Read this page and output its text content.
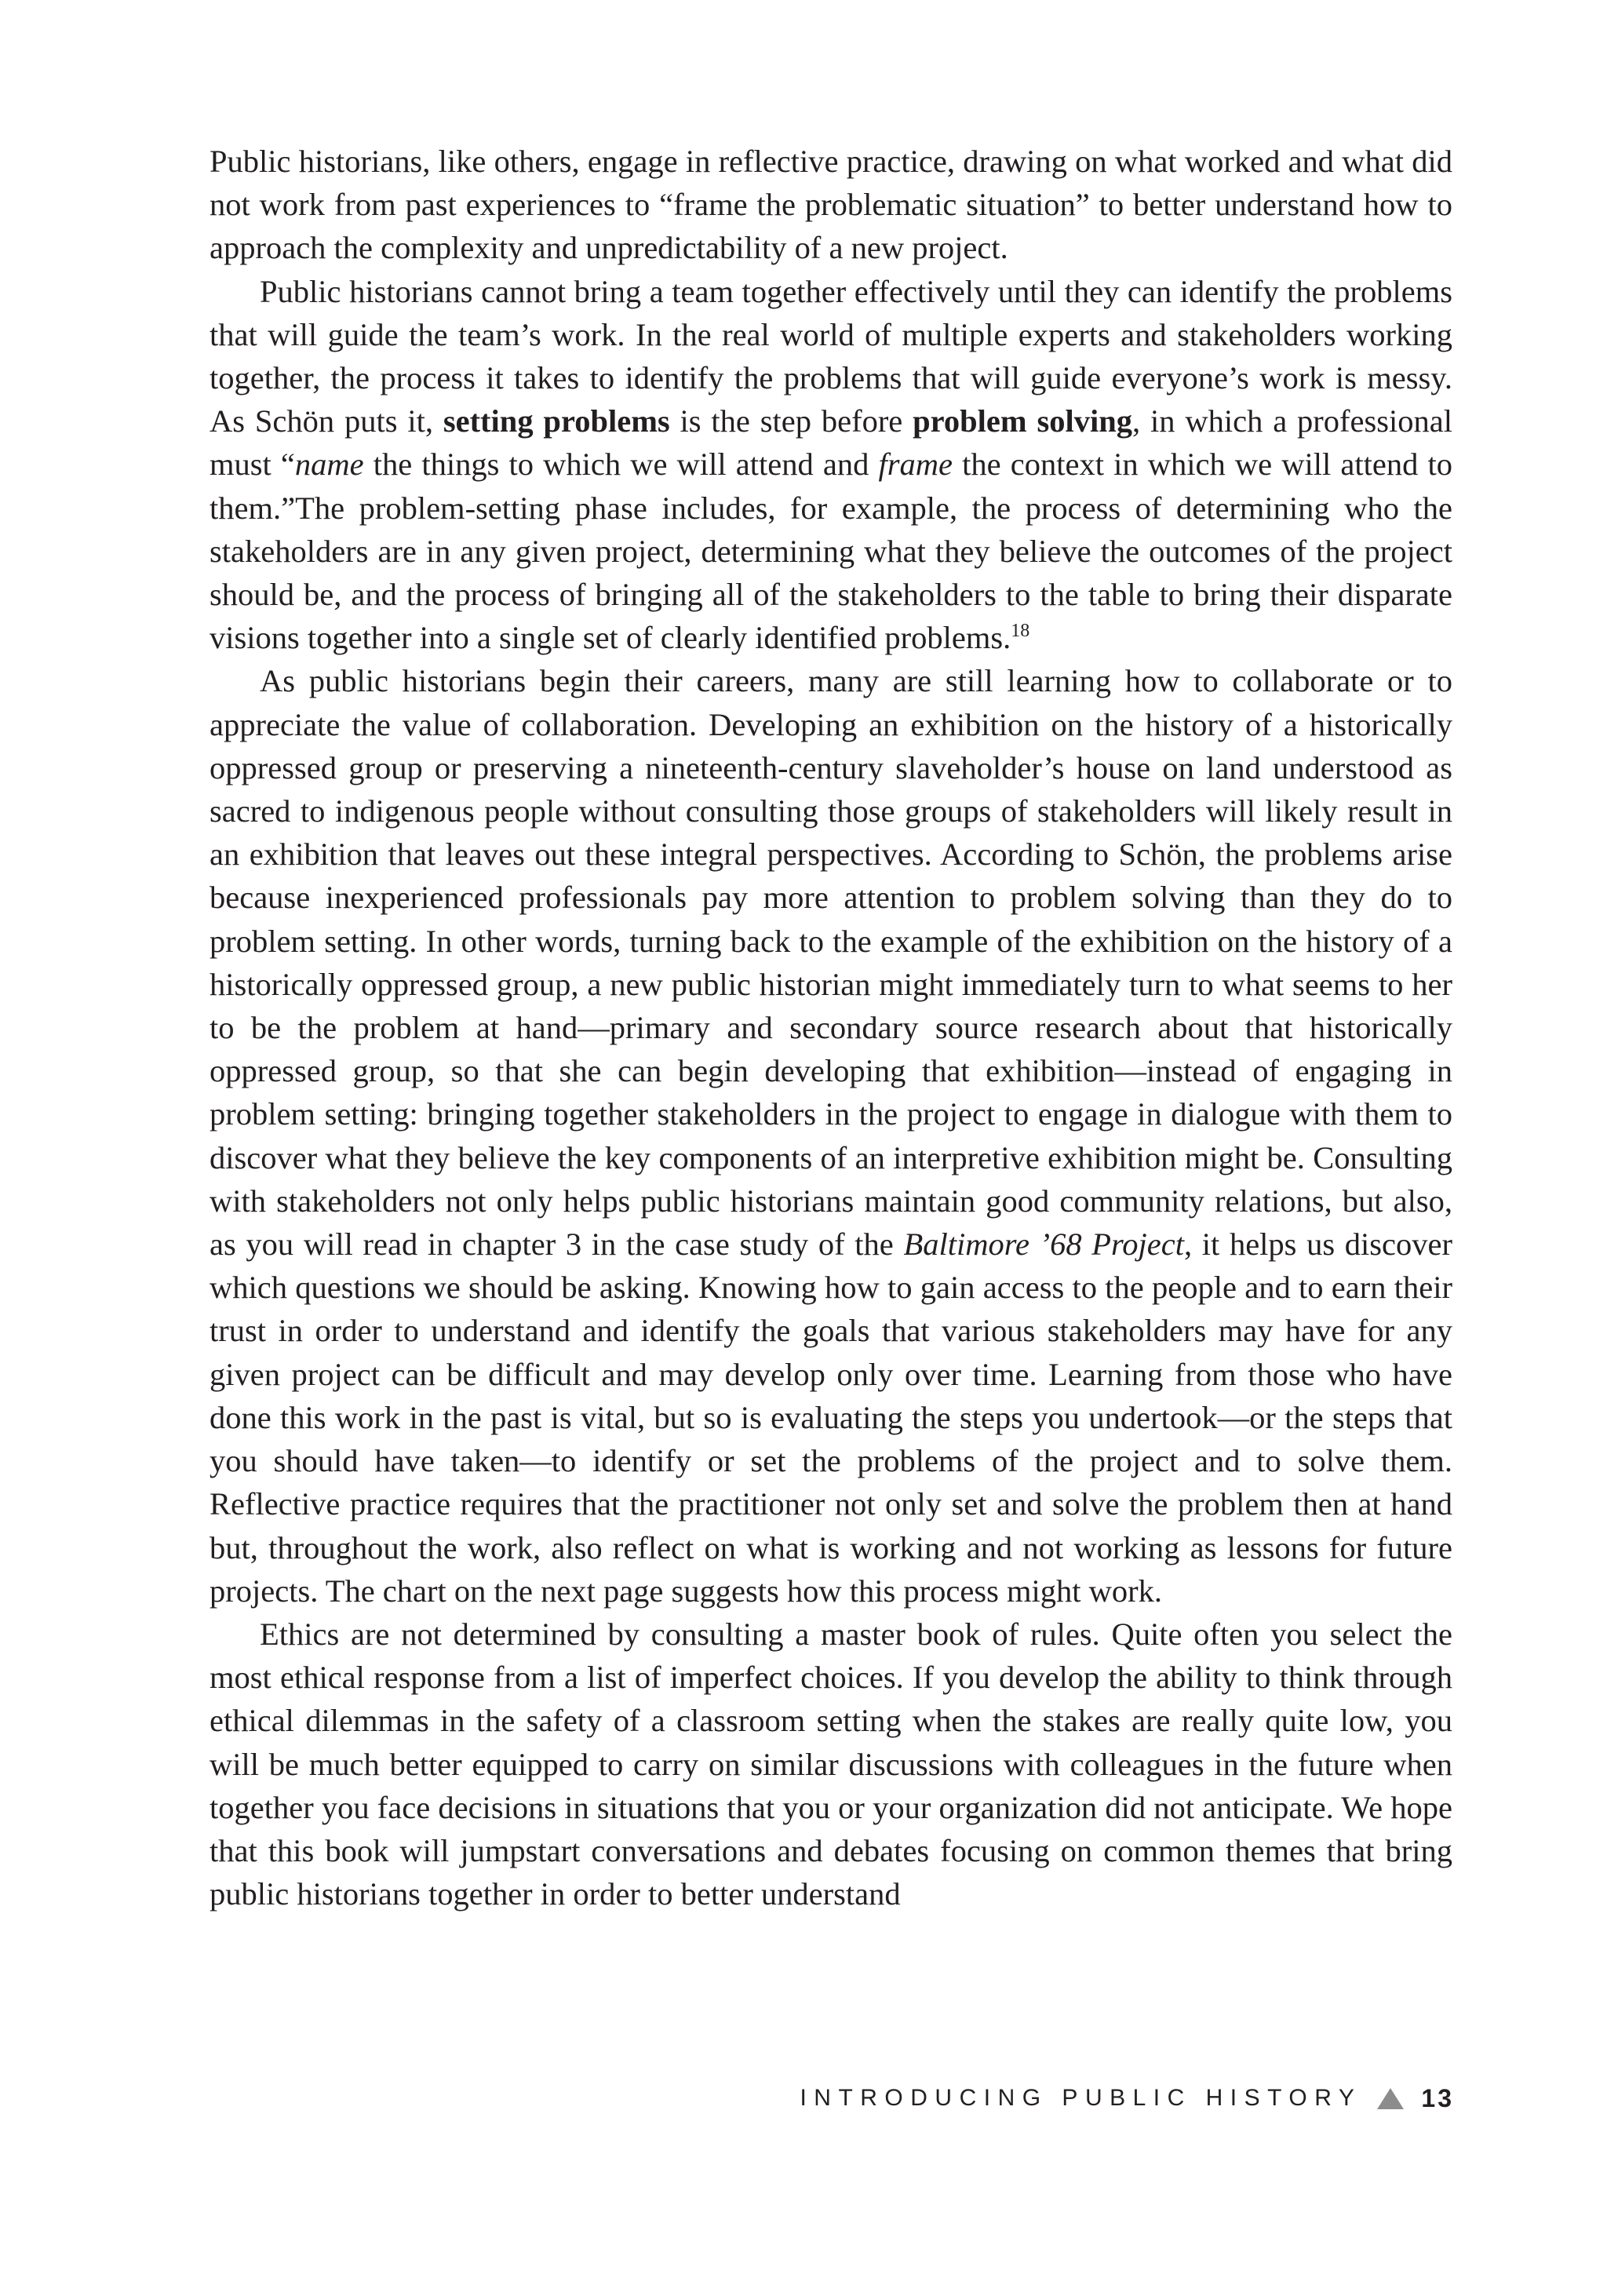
Public historians, like others, engage in reflective practice, drawing on what worked and what did not work from past experiences to “frame the problematic situation” to better understand how to approach the complexity and unpredictability of a new project.

Public historians cannot bring a team together effectively until they can identify the problems that will guide the team’s work. In the real world of multiple experts and stakeholders working together, the process it takes to identify the problems that will guide everyone’s work is messy. As Schön puts it, setting problems is the step before problem solving, in which a professional must “name the things to which we will attend and frame the context in which we will attend to them.”The problem-setting phase includes, for example, the process of determining who the stakeholders are in any given project, determining what they believe the outcomes of the project should be, and the process of bringing all of the stakeholders to the table to bring their disparate visions together into a single set of clearly identified problems.$^{18}$

As public historians begin their careers, many are still learning how to collaborate or to appreciate the value of collaboration. Developing an exhibition on the history of a historically oppressed group or preserving a nineteenth-century slaveholder’s house on land understood as sacred to indigenous people without consulting those groups of stakeholders will likely result in an exhibition that leaves out these integral perspectives. According to Schön, the problems arise because inexperienced professionals pay more attention to problem solving than they do to problem setting. In other words, turning back to the example of the exhibition on the history of a historically oppressed group, a new public historian might immediately turn to what seems to her to be the problem at hand—primary and secondary source research about that historically oppressed group, so that she can begin developing that exhibition—instead of engaging in problem setting: bringing together stakeholders in the project to engage in dialogue with them to discover what they believe the key components of an interpretive exhibition might be. Consulting with stakeholders not only helps public historians maintain good community relations, but also, as you will read in chapter 3 in the case study of the Baltimore ’68 Project, it helps us discover which questions we should be asking. Knowing how to gain access to the people and to earn their trust in order to understand and identify the goals that various stakeholders may have for any given project can be difficult and may develop only over time. Learning from those who have done this work in the past is vital, but so is evaluating the steps you undertook—or the steps that you should have taken—to identify or set the problems of the project and to solve them. Reflective practice requires that the practitioner not only set and solve the problem then at hand but, throughout the work, also reflect on what is working and not working as lessons for future projects. The chart on the next page suggests how this process might work.

Ethics are not determined by consulting a master book of rules. Quite often you select the most ethical response from a list of imperfect choices. If you develop the ability to think through ethical dilemmas in the safety of a classroom setting when the stakes are really quite low, you will be much better equipped to carry on similar discussions with colleagues in the future when together you face decisions in situations that you or your organization did not anticipate. We hope that this book will jumpstart conversations and debates focusing on common themes that bring public historians together in order to better understand

INTRODUCING PUBLIC HISTORY 13
